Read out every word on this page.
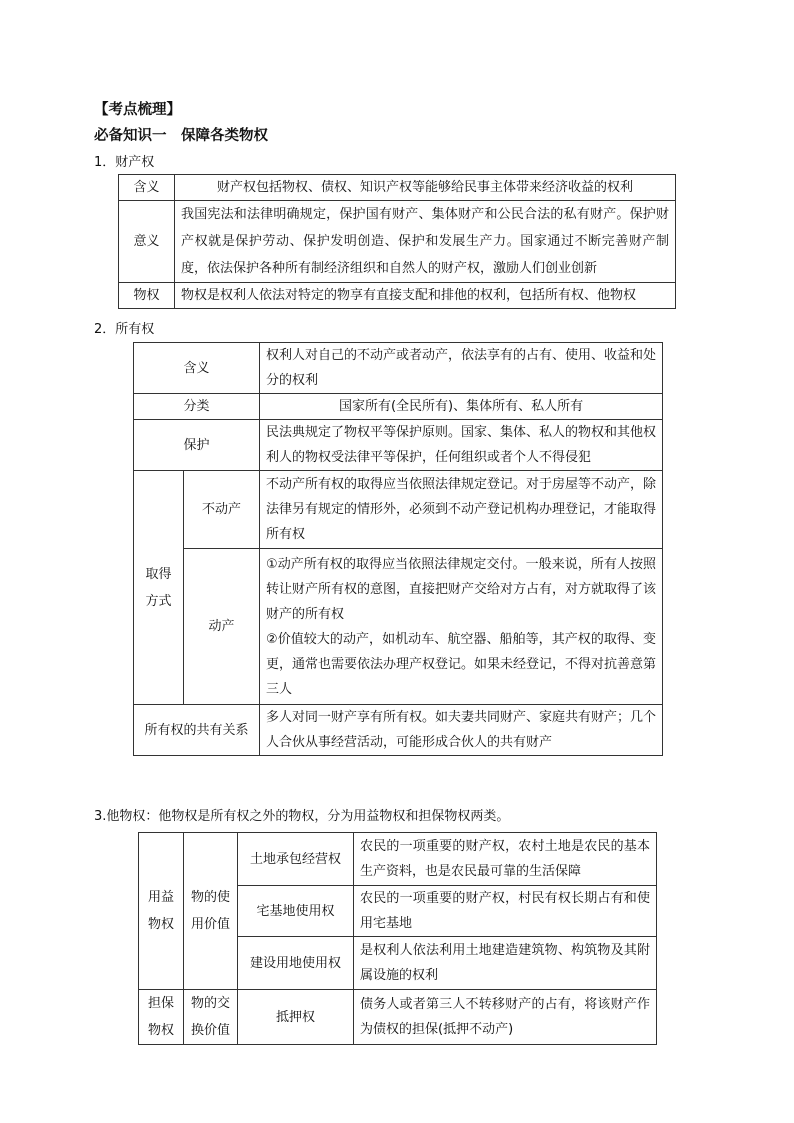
【考点梳理】
必备知识一　保障各类物权
1．财产权
含义	财产权包括物权、债权、知识产权等能够给民事主体带来经济收益的权利
意义	我国宪法和法律明确规定，保护国有财产、集体财产和公民合法的私有财产。保护财产权就是保护劳动、保护发明创造、保护和发展生产力。国家通过不断完善财产制度，依法保护各种所有制经济组织和自然人的财产权，激励人们创业创新
物权	物权是权利人依法对特定的物享有直接支配和排他的权利，包括所有权、他物权
2．所有权
含义		权利人对自己的不动产或者动产，依法享有的占有、使用、收益和处分的权利
分类		国家所有(全民所有)、集体所有、私人所有
保护		民法典规定了物权平等保护原则。国家、集体、私人的物权和其他权利人的物权受法律平等保护，任何组织或者个人不得侵犯
取得方式	不动产	不动产所有权的取得应当依照法律规定登记。对于房屋等不动产，除法律另有规定的情形外，必须到不动产登记机构办理登记，才能取得所有权
	动产	①动产所有权的取得应当依照法律规定交付。一般来说，所有人按照转让财产所有权的意图，直接把财产交给对方占有，对方就取得了该财产的所有权
②价值较大的动产，如机动车、航空器、船舶等，其产权的取得、变更，通常也需要依法办理产权登记。如果未经登记，不得对抗善意第三人

所有权的共有关系		多人对同一财产享有所有权。如夫妻共同财产、家庭共有财产；几个人合伙从事经营活动，可能形成合伙人的共有财产
3.他物权：他物权是所有权之外的物权，分为用益物权和担保物权两类。
用益物权	物的使用价值	土地承包经营权	农民的一项重要的财产权，农村土地是农民的基本生产资料，也是农民最可靠的生活保障
		宅基地使用权	农民的一项重要的财产权，村民有权长期占有和使用宅基地
		建设用地使用权	是权利人依法利用土地建造建筑物、构筑物及其附属设施的权利
担保物权	物的交换价值	抵押权	债务人或者第三人不转移财产的占有，将该财产作为债权的担保(抵押不动产)
